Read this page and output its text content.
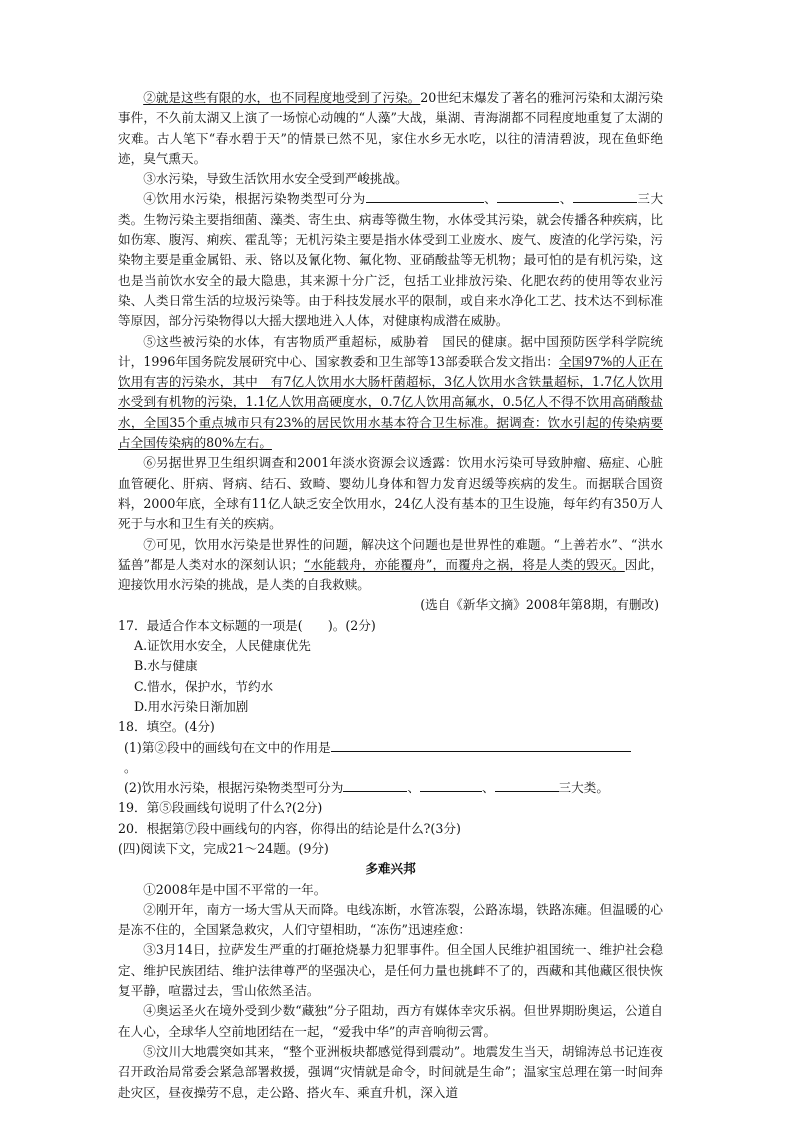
②就是这些有限的水，也不同程度地受到了污染。20世纪末爆发了著名的雅河污染和太湖污染事件，不久前太湖又上演了一场惊心动魄的“人藻”大战，巢湖、青海湖都不同程度地重复了太湖的灾难。古人笔下“春水碧于天”的情景已然不见，家住水乡无水吃，以往的清清碧波，现在鱼虾绝迹，臭气熏天。

③水污染，导致生活饮用水安全受到严峻挑战。

④饮用水污染，根据污染物类型可分为	、	、	三大类。生物污染主要指细菌、藻类、寄生虫、病毒等微生物，水体受其污染，就会传播各种疾病，比如伤寒、腹泻、痢疾、霍乱等；无机污染主要是指水体受到工业废水、废气、废渣的化学污染，污染物主要是重金属铅、汞、铬以及氰化物、氟化物、亚硝酸盐等无机物；最可怕的是有机污染，这也是当前饮水安全的最大隐患，其来源十分广泛，包括工业排放污染、化肥农药的使用等农业污染、人类日常生活的垃圾污染等。由于科技发展水平的限制，或自来水净化工艺、技术达不到标准等原因，部分污染物得以大摇大摆地进入人体，对健康构成潜在威胁。

⑤这些被污染的水体，有害物质严重超标，威胁着　国民的健康。据中国预防医学科学院统计，1996年国务院发展研究中心、国家教委和卫生部等13部委联合发文指出：全国97%的人正在饮用有害的污染水，其中　有7亿人饮用水大肠杆菌超标，3亿人饮用水含铁量超标，1.7亿人饮用水受到有机物的污染，1.1亿人饮用高硬度水，0.7亿人饮用高氟水，0.5亿人不得不饮用高硝酸盐水，全国35个重点城市只有23%的居民饮用水基本符合卫生标准。据调查：饮水引起的传染病要占全国传染病的80%左右。

⑥另据世界卫生组织调查和2001年淡水资源会议透露：饮用水污染可导致肿瘤、癌症、心脏血管硬化、肝病、肾病、结石、致畸、婴幼儿身体和智力发育迟缓等疾病的发生。而据联合国资料，2000年底，全球有11亿人缺乏安全饮用水，24亿人没有基本的卫生设施，每年约有350万人死于与水和卫生有关的疾病。

⑦可见，饮用水污染是世界性的问题，解决这个问题也是世界性的难题。“上善若水”、“洪水猛兽”都是人类对水的深刻认识；“水能载舟，亦能覆舟”，而覆舟之祸，将是人类的毁灭。因此，迎接饮用水污染的挑战，是人类的自我救赎。

(选自《新华文摘》2008年第8期，有删改)

17．最适合作本文标题的一项是(　　)。(2分)

A.证饮用水安全，人民健康优先

B.水与健康

C.惜水，保护水，节约水

D.用水污染日渐加剧

18．填空。(4分)

(1)第②段中的画线句在文中的作用是
。

(2)饮用水污染，根据污染物类型可分为	、	、	三大类。

19．第⑤段画线句说明了什么?(2分)

20．根据第⑦段中画线句的内容，你得出的结论是什么?(3分)

(四)阅读下文，完成21～24题。(9分)

多难兴邦

①2008年是中国不平常的一年。

②刚开年，南方一场大雪从天而降。电线冻断，水管冻裂，公路冻塌，铁路冻瘫。但温暖的心是冻不住的，全国紧急救灾，人们守望相助，“冻伤”迅速痊愈：

③3月14日，拉萨发生严重的打砸抢烧暴力犯罪事件。但全国人民维护祖国统一、维护社会稳定、维护民族团结、维护法律尊严的坚强决心，是任何力量也挑衅不了的，西藏和其他藏区很快恢复平静，喧嚣过去，雪山依然圣洁。

④奥运圣火在境外受到少数“藏独”分子阻劫，西方有媒体幸灾乐祸。但世界期盼奥运，公道自在人心，全球华人空前地团结在一起，“爱我中华”的声音响彻云霄。

⑤汶川大地震突如其来，“整个亚洲板块都感觉得到震动”。地震发生当天，胡锦涛总书记连夜召开政治局常委会紧急部署救援，强调“灾情就是命令，时间就是生命”；温家宝总理在第一时间奔赴灾区，昼夜操劳不息，走公路、搭火车、乘直升机，深入道
